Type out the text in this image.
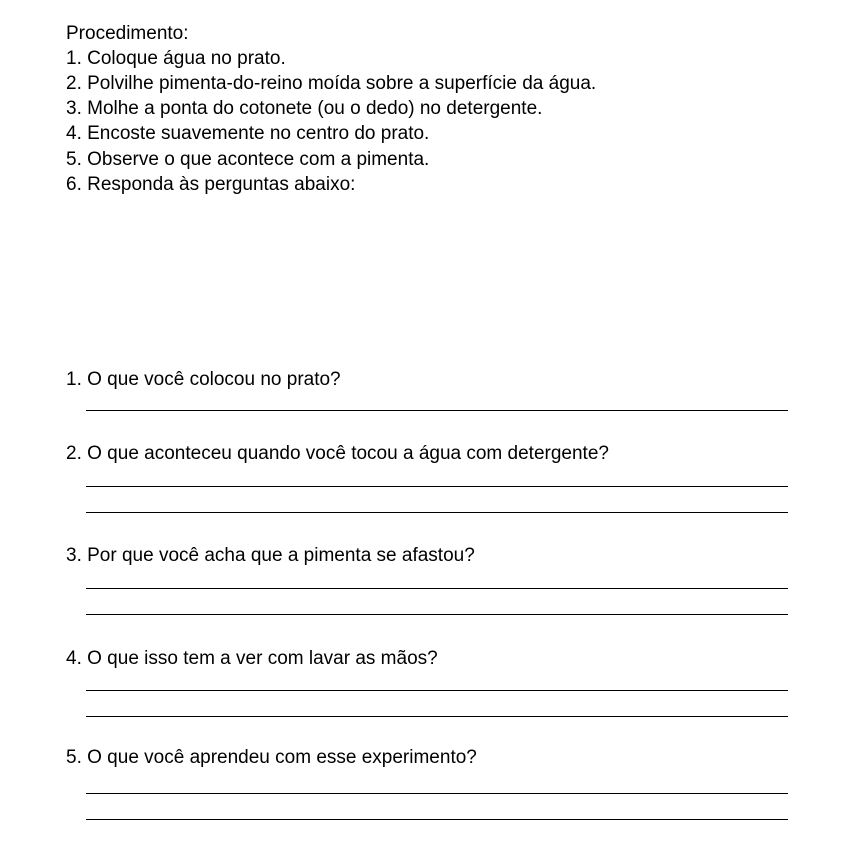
Procedimento:
1. Coloque água no prato.
2. Polvilhe pimenta-do-reino moída sobre a superfície da água.
3. Molhe a ponta do cotonete (ou o dedo) no detergente.
4. Encoste suavemente no centro do prato.
5. Observe o que acontece com a pimenta.
6. Responda às perguntas abaixo:
1. O que você colocou no prato?
2. O que aconteceu quando você tocou a água com detergente?
3. Por que você acha que a pimenta se afastou?
4. O que isso tem a ver com lavar as mãos?
5. O que você aprendeu com esse experimento?
